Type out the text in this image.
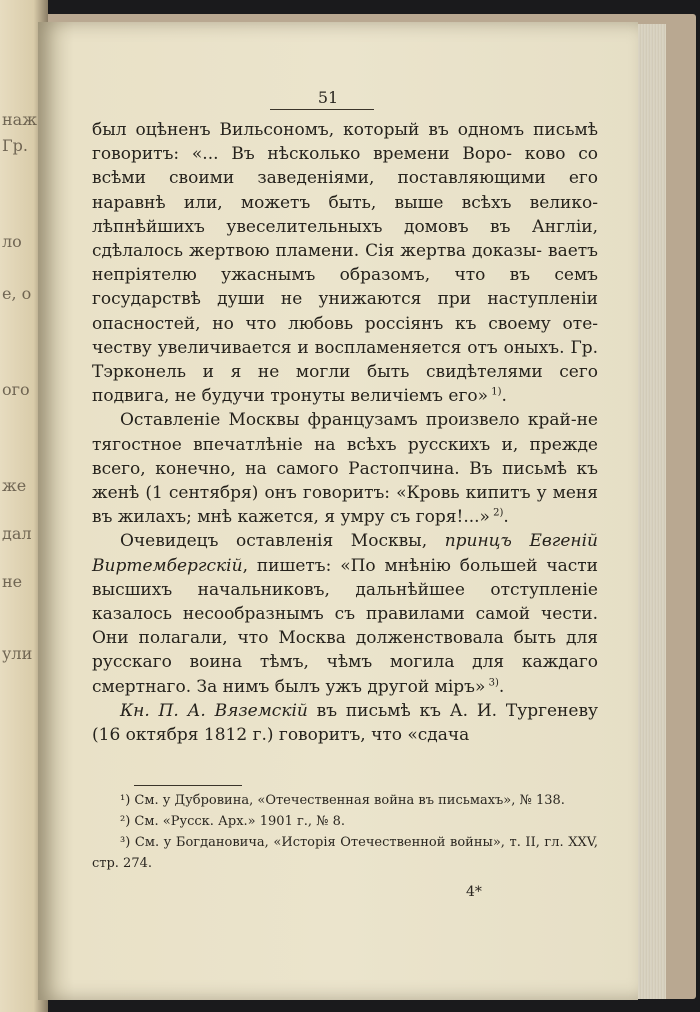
наж
Гр.
ло
е, о
ого
же
дал
не
ули
51

был оцѣненъ Вильсономъ, который въ одномъ письмѣ говоритъ: «... Въ нѣсколько времени Воро- ково со всѣми своими заведеніями, поставляющими его наравнѣ или, можетъ быть, выше всѣхъ велико- лѣпнѣйшихъ увеселительныхъ домовъ въ Англіи, сдѣлалось жертвою пламени. Сія жертва доказы- ваетъ непріятелю ужаснымъ образомъ, что въ семъ государствѣ души не унижаются при наступленіи опасностей, но что любовь россіянъ къ своему оте- честву увеличивается и воспламеняется отъ оныхъ. Гр. Тэрконель и я не могли быть свидѣтелями сего подвига, не будучи тронуты величіемъ его» $^{1)}$.

Оставленіе Москвы французамъ произвело край-не тягостное впечатлѣніе на всѣхъ русскихъ и, прежде всего, конечно, на самого Растопчина. Въ письмѣ къ женѣ (1 сентября) онъ говоритъ: «Кровь кипитъ у меня въ жилахъ; мнѣ кажется, я умру съ горя!...» $^{2)}$.

Очевидецъ оставленія Москвы, принцъ Евгеній Виртембергскій, пишетъ: «По мнѣнію большей части высшихъ начальниковъ, дальнѣйшее отступленіе казалось несообразнымъ съ правилами самой чести. Они полагали, что Москва долженствовала быть для русскаго воина тѣмъ, чѣмъ могила для каждаго смертнаго. За нимъ былъ ужъ другой міръ» $^{3)}$.

Кн. П. А. Вяземскій въ письмѣ къ А. И. Тургеневу (16 октября 1812 г.) говоритъ, что «сдача

¹) См. у Дубровина, «Отечественная война въ письмахъ», № 138.

²) См. «Русск. Арх.» 1901 г., № 8.

³) См. у Богдановича, «Исторія Отечественной войны», т. II, гл. XXV, стр. 274.

4*
